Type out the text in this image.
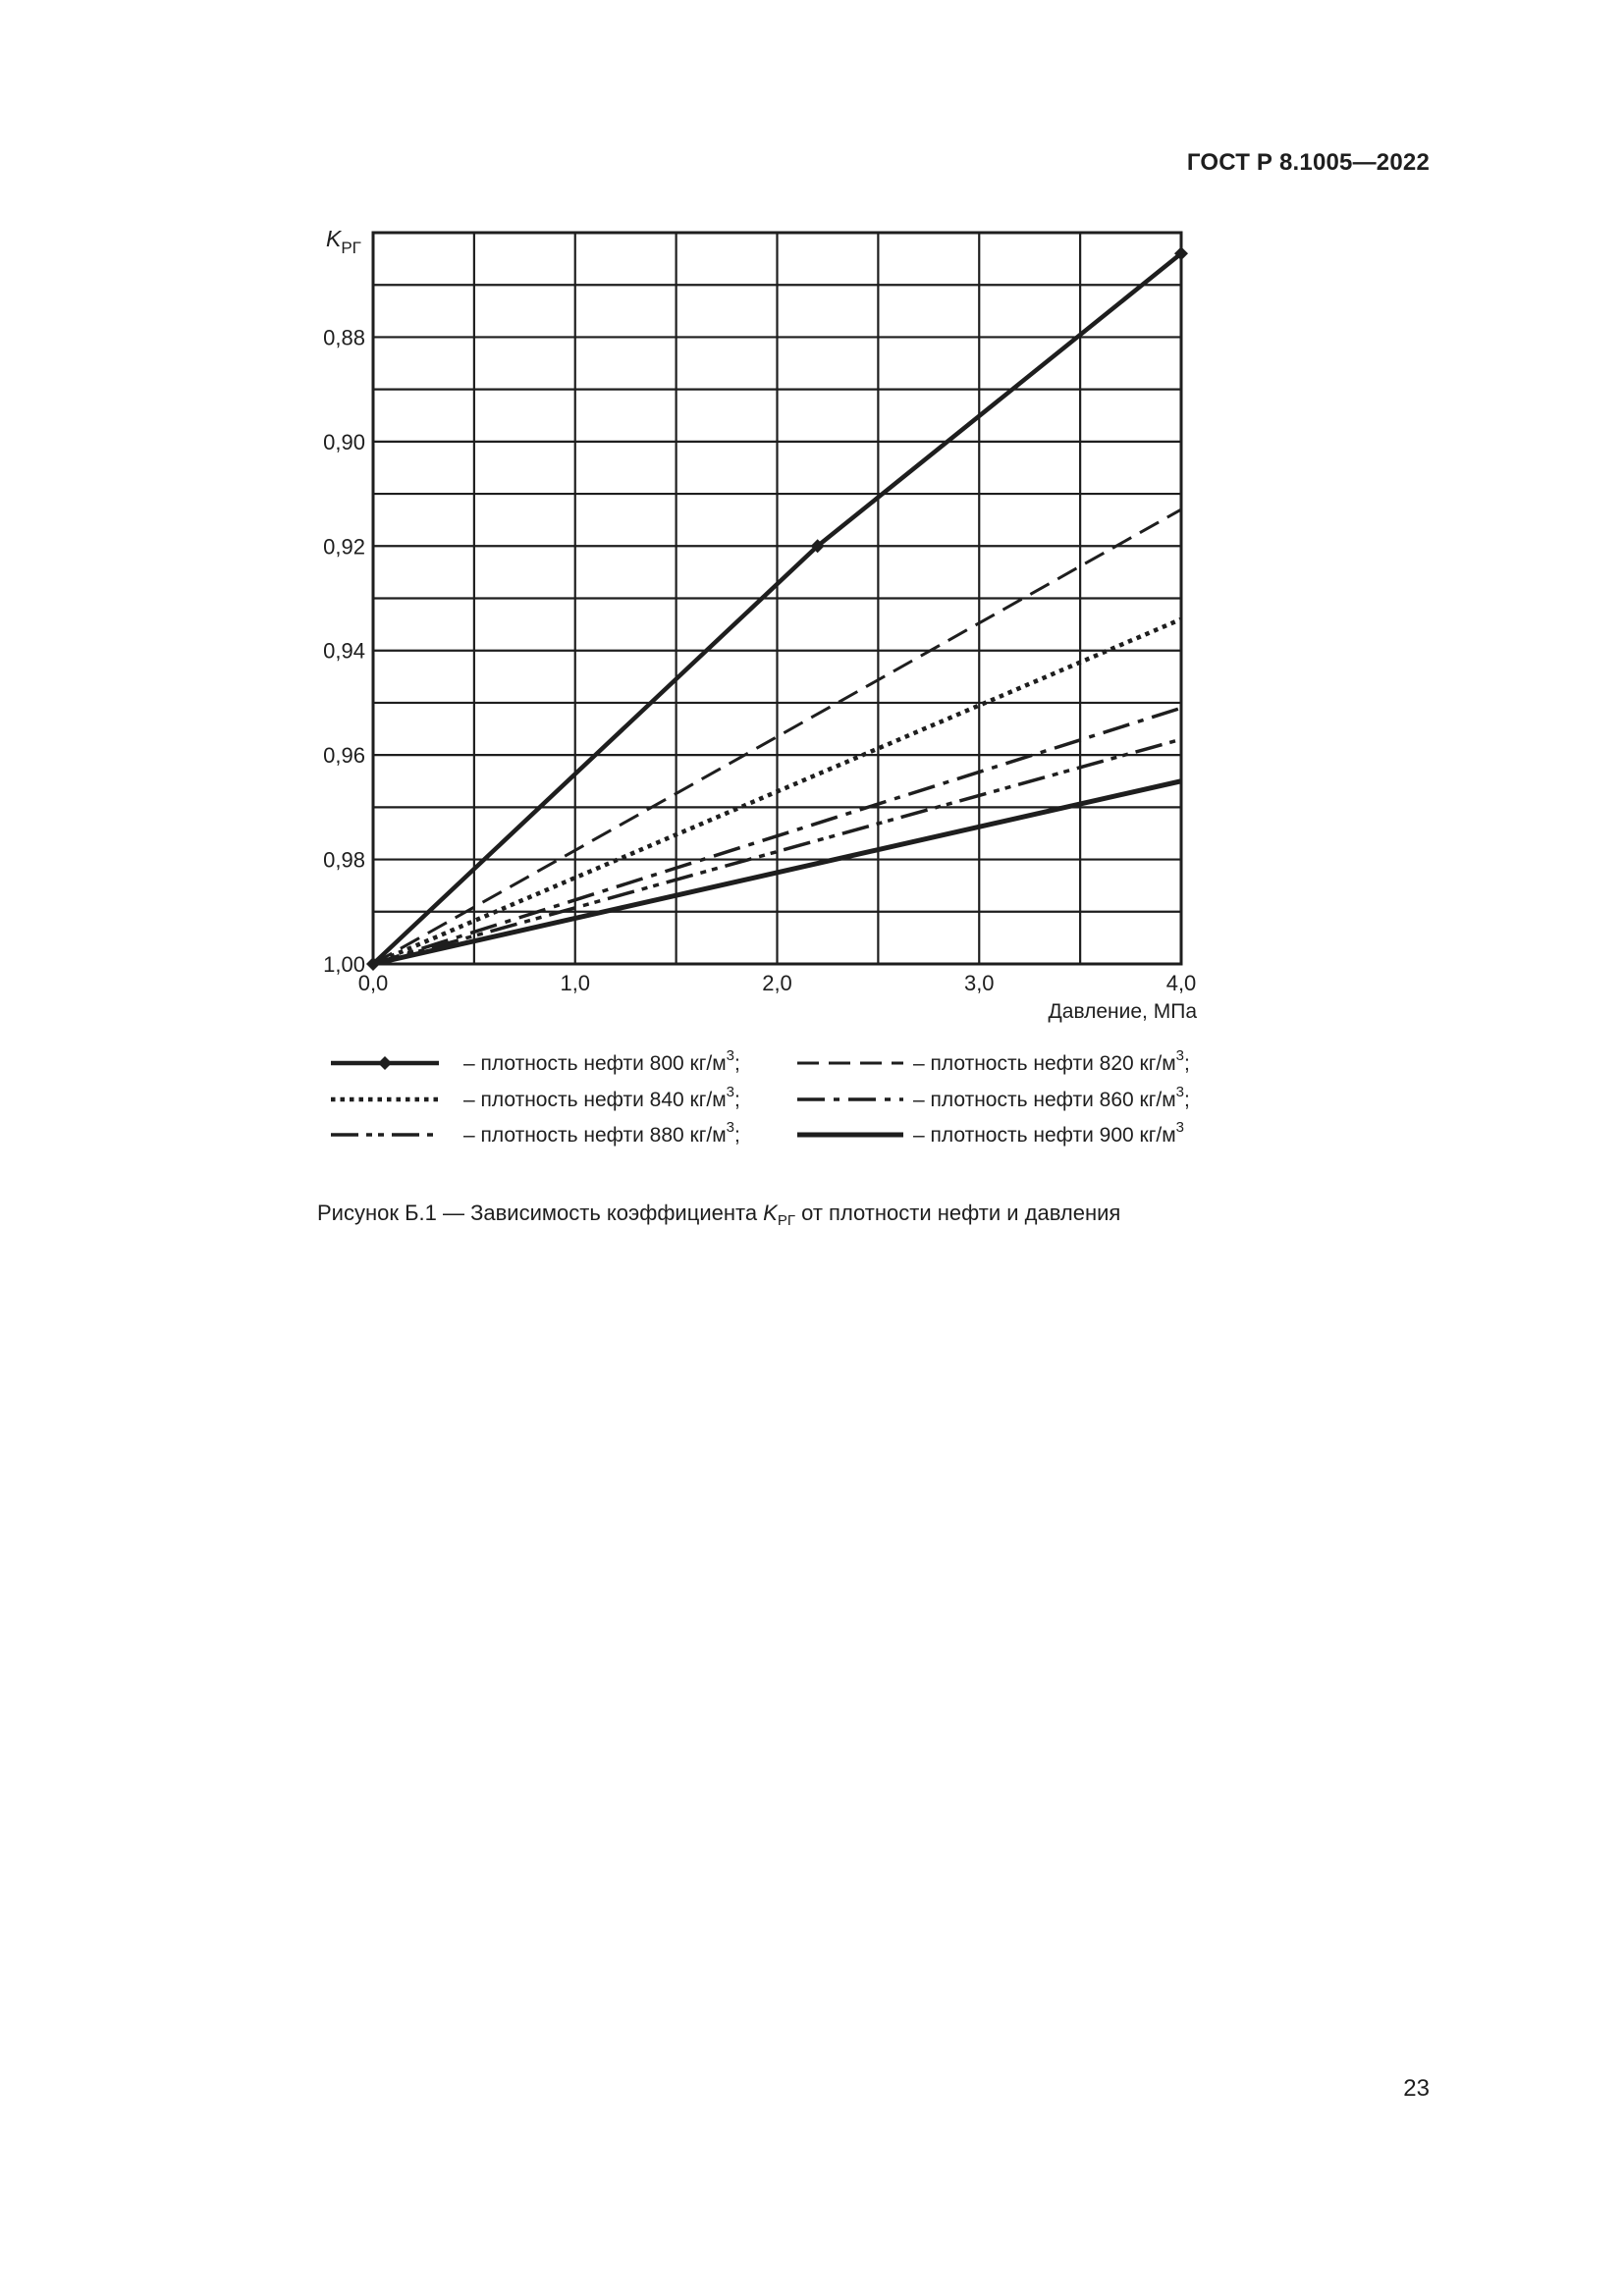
ГОСТ Р 8.1005—2022
0,88
0,90
0,92
0,94
0,96
0,98
1,00
0,0	1,0	2,0	3,0	4,0
$K_{РГ}$
Давление, МПа
– плотность нефти 800 $кг/м^3$;	– плотность нефти 820 $кг/м^3$;
– плотность нефти 840 $кг/м^3$;	– плотность нефти 860 $кг/м^3$;
– плотность нефти 880 $кг/м^3$;	– плотность нефти 900 $кг/м^3$
Рисунок Б.1 — Зависимость коэффициента $K_{РГ}$ от плотности нефти и давления
23
